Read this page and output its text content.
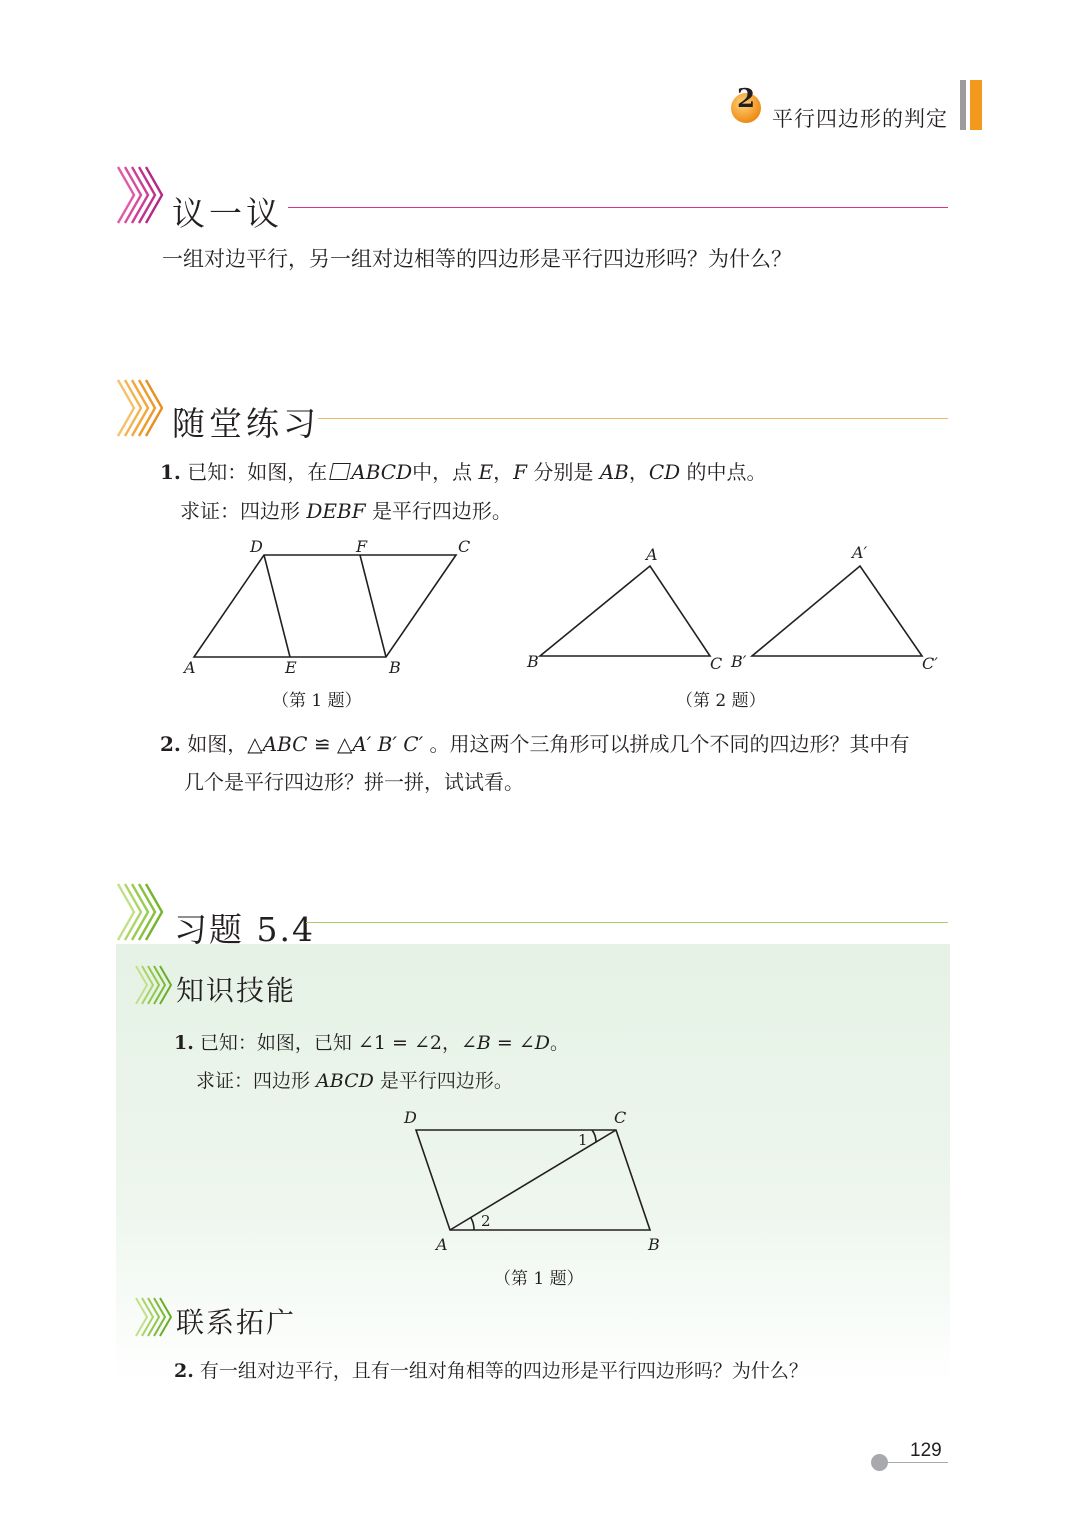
2
平行四边形的判定
议一议
一组对边平行，另一组对边相等的四边形是平行四边形吗？为什么？
随堂练习
1. 已知：如图，在 ABCD中，点 E，F 分别是 AB，CD 的中点。
求证：四边形 DEBF 是平行四边形。
D	F	C
A	E	B
（第 1 题）
A
B	C
A′
B′	C′
（第 2 题）
2. 如图，△ABC ≌ △A′ B′ C′ 。用这两个三角形可以拼成几个不同的四边形？其中有
几个是平行四边形？拼一拼，试试看。
习题 5.4
知识技能
1. 已知：如图，已知 ∠1 = ∠2，∠B = ∠D。
求证：四边形 ABCD 是平行四边形。
D	C
A	B
1
2
（第 1 题）
联系拓广
2. 有一组对边平行，且有一组对角相等的四边形是平行四边形吗？为什么？
129
